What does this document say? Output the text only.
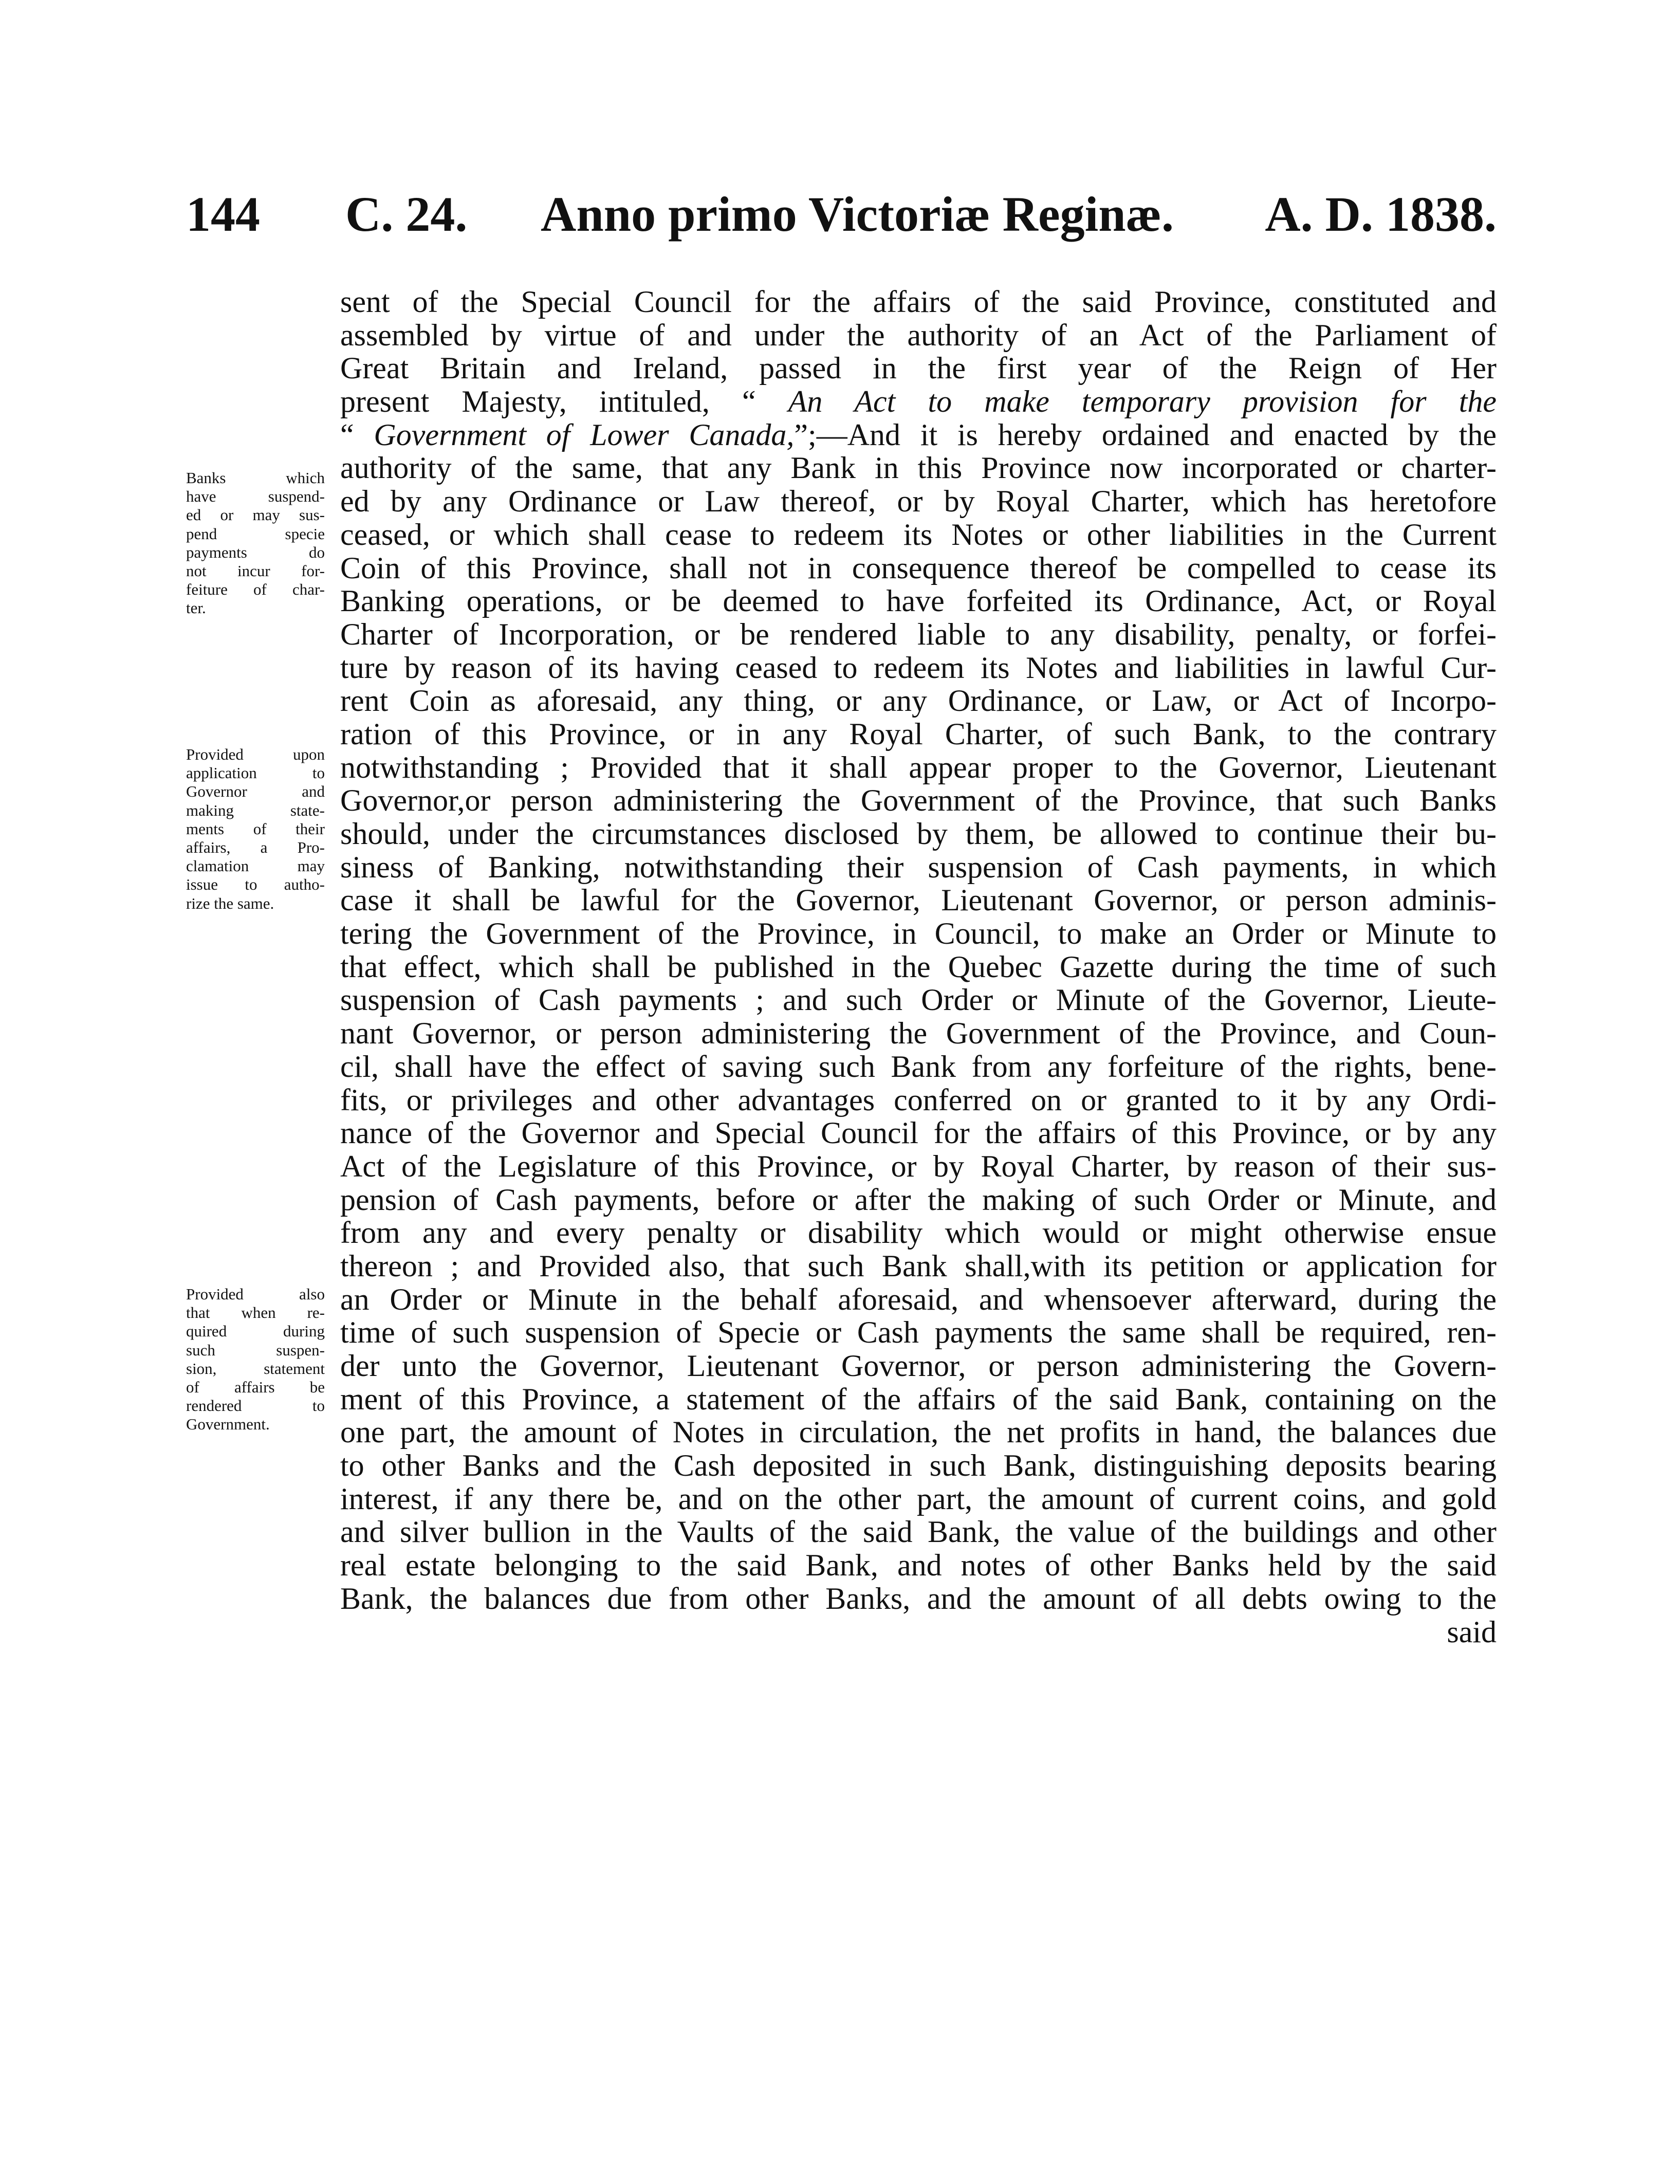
144 C. 24. Anno primo Victoriæ Reginæ. A. D. 1838.
Banks which
have suspend-
ed or may sus-
pend specie
payments do
not incur for-
feiture of char-
ter.
Provided upon
application to
Governor and
making state-
ments of their
affairs, a Pro-
clamation may
issue to autho-
rize the same.
Provided also
that when re-
quired during
such suspen-
sion, statement
of affairs be
rendered to
Government.
sent of the Special Council for the affairs of the said Province, constituted and
assembled by virtue of and under the authority of an Act of the Parliament of
Great Britain and Ireland, passed in the first year of the Reign of Her
present Majesty, intituled, “ An Act to make temporary provision for the
“ Government of Lower Canada,”;—And it is hereby ordained and enacted by the
authority of the same, that any Bank in this Province now incorporated or charter-
ed by any Ordinance or Law thereof, or by Royal Charter, which has heretofore
ceased, or which shall cease to redeem its Notes or other liabilities in the Current
Coin of this Province, shall not in consequence thereof be compelled to cease its
Banking operations, or be deemed to have forfeited its Ordinance, Act, or Royal
Charter of Incorporation, or be rendered liable to any disability, penalty, or forfei-
ture by reason of its having ceased to redeem its Notes and liabilities in lawful Cur-
rent Coin as aforesaid, any thing, or any Ordinance, or Law, or Act of Incorpo-
ration of this Province, or in any Royal Charter, of such Bank, to the contrary
notwithstanding ; Provided that it shall appear proper to the Governor, Lieutenant
Governor,or person administering the Government of the Province, that such Banks
should, under the circumstances disclosed by them, be allowed to continue their bu-
siness of Banking, notwithstanding their suspension of Cash payments, in which
case it shall be lawful for the Governor, Lieutenant Governor, or person adminis-
tering the Government of the Province, in Council, to make an Order or Minute to
that effect, which shall be published in the Quebec Gazette during the time of such
suspension of Cash payments ; and such Order or Minute of the Governor, Lieute-
nant Governor, or person administering the Government of the Province, and Coun-
cil, shall have the effect of saving such Bank from any forfeiture of the rights, bene-
fits, or privileges and other advantages conferred on or granted to it by any Ordi-
nance of the Governor and Special Council for the affairs of this Province, or by any
Act of the Legislature of this Province, or by Royal Charter, by reason of their sus-
pension of Cash payments, before or after the making of such Order or Minute, and
from any and every penalty or disability which would or might otherwise ensue
thereon ; and Provided also, that such Bank shall,with its petition or application for
an Order or Minute in the behalf aforesaid, and whensoever afterward, during the
time of such suspension of Specie or Cash payments the same shall be required, ren-
der unto the Governor, Lieutenant Governor, or person administering the Govern-
ment of this Province, a statement of the affairs of the said Bank, containing on the
one part, the amount of Notes in circulation, the net profits in hand, the balances due
to other Banks and the Cash deposited in such Bank, distinguishing deposits bearing
interest, if any there be, and on the other part, the amount of current coins, and gold
and silver bullion in the Vaults of the said Bank, the value of the buildings and other
real estate belonging to the said Bank, and notes of other Banks held by the said
Bank, the balances due from other Banks, and the amount of all debts owing to the
said
